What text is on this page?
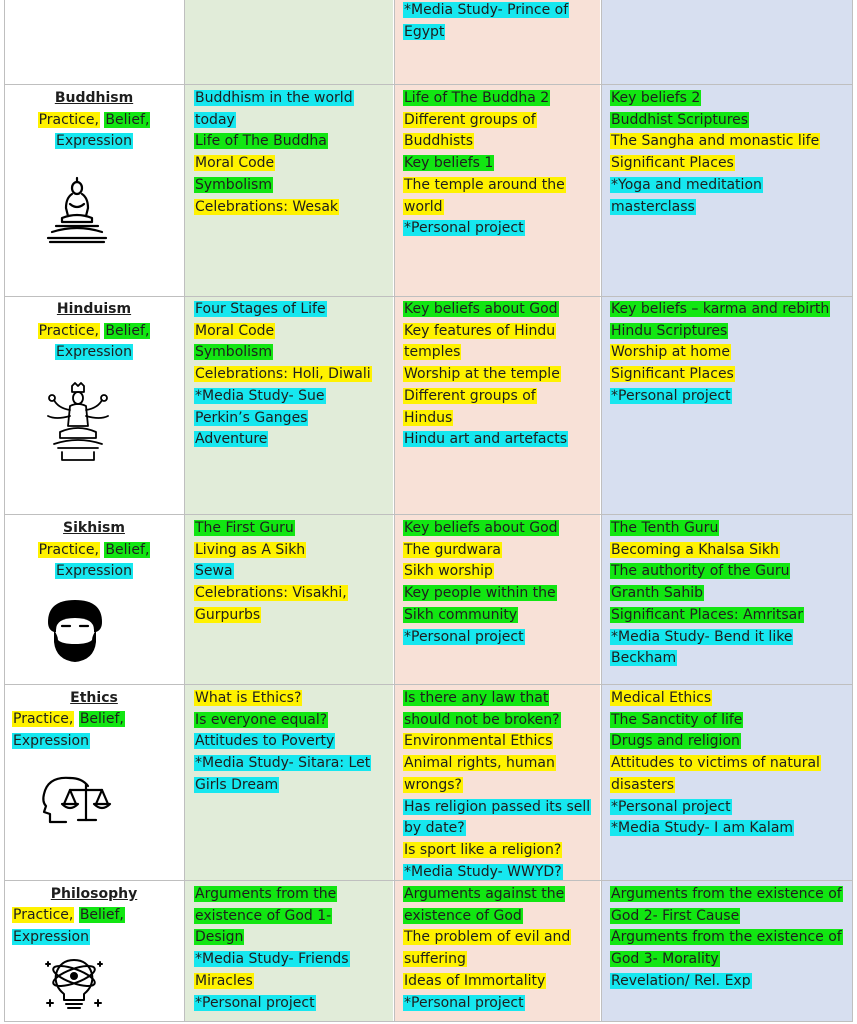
*Media Study- Prince of Egypt
Buddhism
Practice, Belief,
Expression
Buddhism in the world today
Life of The Buddha
Moral Code
Symbolism
Celebrations: Wesak
Life of The Buddha 2
Different groups of Buddhists
Key beliefs 1
The temple around the world
*Personal project
Key beliefs 2
Buddhist Scriptures
The Sangha and monastic life
Significant Places
*Yoga and meditation masterclass
Hinduism
Practice, Belief,
Expression
Four Stages of Life
Moral Code
Symbolism
Celebrations: Holi, Diwali
*Media Study- Sue Perkin’s Ganges Adventure
Key beliefs about God
Key features of Hindu temples
Worship at the temple
Different groups of Hindus
Hindu art and artefacts
Key beliefs – karma and rebirth
Hindu Scriptures
Worship at home
Significant Places
*Personal project
Sikhism
Practice, Belief,
Expression
The First Guru
Living as A Sikh
Sewa
Celebrations: Visakhi, Gurpurbs
Key beliefs about God
The gurdwara
Sikh worship
Key people within the Sikh community
*Personal project
The Tenth Guru
Becoming a Khalsa Sikh
The authority of the Guru Granth Sahib
Significant Places: Amritsar
*Media Study- Bend it like Beckham
Ethics
Practice, Belief,
Expression
What is Ethics?
Is everyone equal?
Attitudes to Poverty
*Media Study- Sitara: Let Girls Dream
Is there any law that should not be broken?
Environmental Ethics
Animal rights, human wrongs?
Has religion passed its sell by date?
Is sport like a religion?
*Media Study- WWYD?
Medical Ethics
The Sanctity of life
Drugs and religion
Attitudes to victims of natural disasters
*Personal project
*Media Study- I am Kalam
Philosophy
Practice, Belief,
Expression
Arguments from the existence of God 1- Design
*Media Study- Friends
Miracles
*Personal project
Arguments against the existence of God
The problem of evil and suffering
Ideas of Immortality
*Personal project
Arguments from the existence of God 2- First Cause
Arguments from the existence of God 3- Morality
Revelation/ Rel. Exp
